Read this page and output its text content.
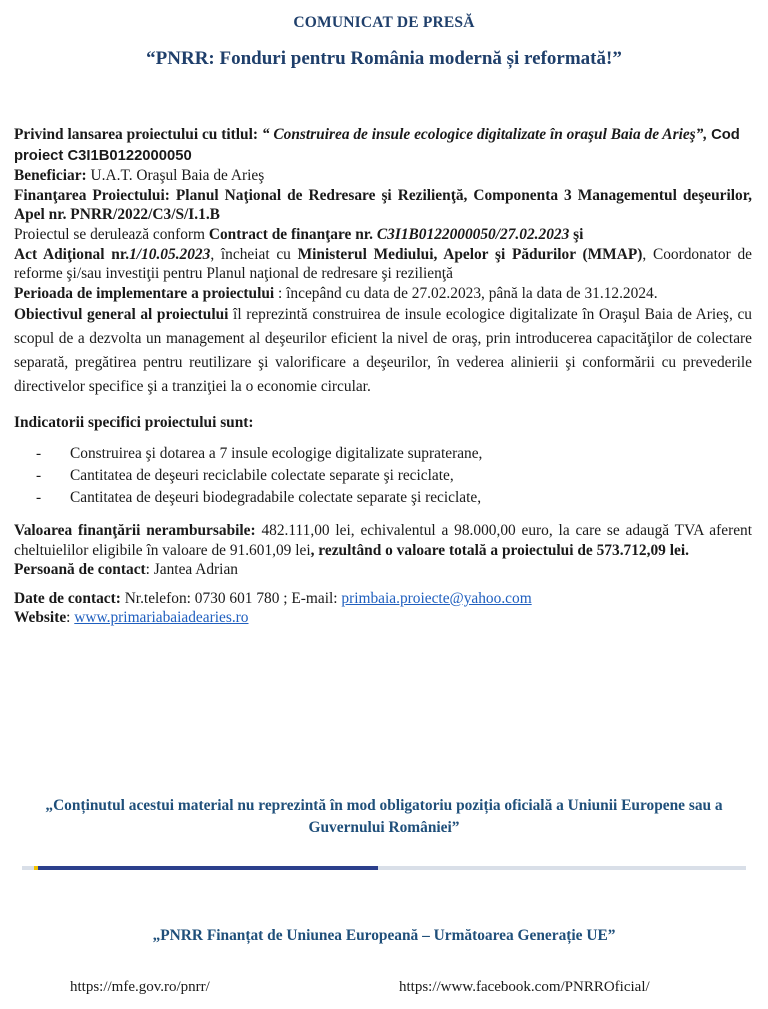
COMUNICAT DE PRESĂ
“PNRR: Fonduri pentru România modernă și reformată!”

Privind lansarea proiectului cu titlul: “ Construirea de insule ecologice digitalizate în oraşul Baia de Arieş”, Cod proiect C3I1B0122000050

Beneficiar: U.A.T. Oraşul Baia de Arieş

Finanţarea Proiectului: Planul Naţional de Redresare şi Rezilienţă, Componenta 3 Managementul deşeurilor, Apel nr. PNRR/2022/C3/S/I.1.B

Proiectul se derulează conform Contract de finanţare nr. C3I1B0122000050/27.02.2023 şi
Act Adiţional nr.1/10.05.2023, încheiat cu Ministerul Mediului, Apelor şi Pădurilor (MMAP), Coordonator de reforme şi/sau investiţii pentru Planul naţional de redresare şi rezilienţă

Perioada de implementare a proiectului : începând cu data de 27.02.2023, până la data de 31.12.2024.

Obiectivul general al proiectului îl reprezintă construirea de insule ecologice digitalizate în Oraşul Baia de Arieş, cu scopul de a dezvolta un management al deşeurilor eficient la nivel de oraş, prin introducerea capacităţilor de colectare separată, pregătirea pentru reutilizare şi valorificare a deşeurilor, în vederea alinierii şi conformării cu prevederile directivelor specifice şi a tranziţiei la o economie circular.

Indicatorii specifici proiectului sunt:

- Construirea şi dotarea a 7 insule ecologige digitalizate supraterane,
- Cantitatea de deşeuri reciclabile colectate separate şi reciclate,
- Cantitatea de deşeuri biodegradabile colectate separate şi reciclate,

Valoarea finanţării nerambursabile: 482.111,00 lei, echivalentul a 98.000,00 euro, la care se adaugă TVA aferent cheltuielilor eligibile în valoare de 91.601,09 lei, rezultând o valoare totală a proiectului de 573.712,09 lei.

Persoană de contact: Jantea Adrian

Date de contact: Nr.telefon: 0730 601 780 ; E-mail: primbaia.proiecte@yahoo.com

Website: www.primariabaiadearies.ro

„Conținutul acestui material nu reprezintă în mod obligatoriu poziția oficială a Uniunii Europene sau a Guvernului României”
„PNRR Finanțat de Uniunea Europeană – Următoarea Generație UE”
https://mfe.gov.ro/pnrr/	https://www.facebook.com/PNRROficial/
